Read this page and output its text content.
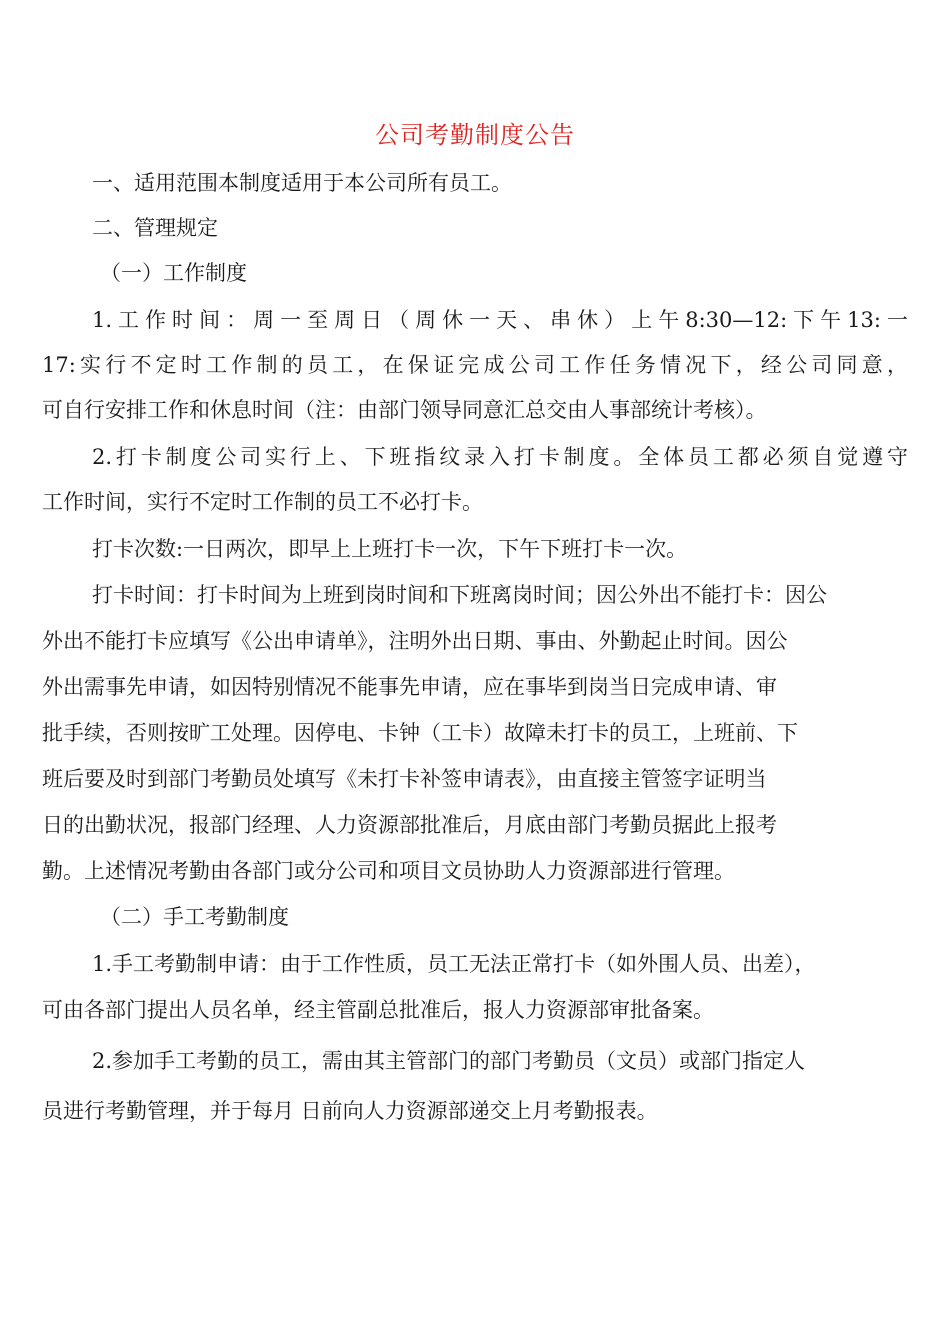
公司考勤制度公告
一、适用范围本制度适用于本公司所有员工。
二、管理规定
（一）工作制度
1.工作时间：周一至周日（周休一天、串休）上午8:30—12:下午13:一
17:实行不定时工作制的员工，在保证完成公司工作任务情况下，经公司同意，
可自行安排工作和休息时间（注：由部门领导同意汇总交由人事部统计考核）。
2.打卡制度公司实行上、下班指纹录入打卡制度。全体员工都必须自觉遵守
工作时间，实行不定时工作制的员工不必打卡。
打卡次数:一日两次，即早上上班打卡一次，下午下班打卡一次。
打卡时间：打卡时间为上班到岗时间和下班离岗时间；因公外出不能打卡：因公
外出不能打卡应填写《公出申请单》，注明外出日期、事由、外勤起止时间。因公
外出需事先申请，如因特别情况不能事先申请，应在事毕到岗当日完成申请、审
批手续，否则按旷工处理。因停电、卡钟（工卡）故障未打卡的员工，上班前、下
班后要及时到部门考勤员处填写《未打卡补签申请表》，由直接主管签字证明当
日的出勤状况，报部门经理、人力资源部批准后，月底由部门考勤员据此上报考
勤。上述情况考勤由各部门或分公司和项目文员协助人力资源部进行管理。
（二）手工考勤制度
1.手工考勤制申请：由于工作性质，员工无法正常打卡（如外围人员、出差），
可由各部门提出人员名单，经主管副总批准后，报人力资源部审批备案。
2.参加手工考勤的员工，需由其主管部门的部门考勤员（文员）或部门指定人
员进行考勤管理，并于每月 日前向人力资源部递交上月考勤报表。
